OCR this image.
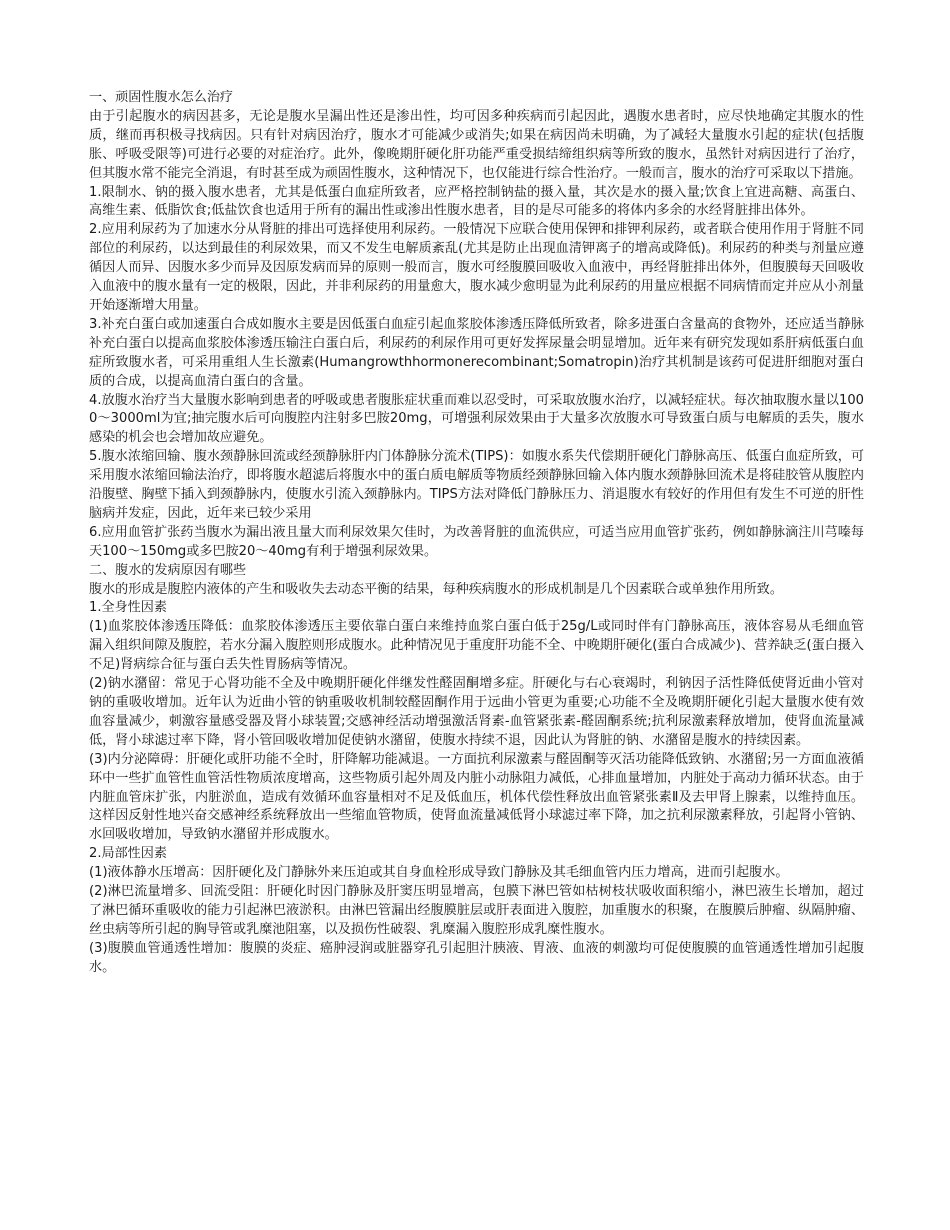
一、顽固性腹水怎么治疗

由于引起腹水的病因甚多，无论是腹水呈漏出性还是渗出性，均可因多种疾病而引起因此，遇腹水患者时，应尽快地确定其腹水的性质，继而再积极寻找病因。只有针对病因治疗，腹水才可能减少或消失;如果在病因尚未明确，为了减轻大量腹水引起的症状(包括腹胀、呼吸受限等)可进行必要的对症治疗。此外，像晚期肝硬化肝功能严重受损结缔组织病等所致的腹水，虽然针对病因进行了治疗，但其腹水常不能完全消退，有时甚至成为顽固性腹水，这种情况下，也仅能进行综合性治疗。一般而言，腹水的治疗可采取以下措施。

1.限制水、钠的摄入腹水患者，尤其是低蛋白血症所致者，应严格控制钠盐的摄入量，其次是水的摄入量;饮食上宜进高糖、高蛋白、高维生素、低脂饮食;低盐饮食也适用于所有的漏出性或渗出性腹水患者，目的是尽可能多的将体内多余的水经肾脏排出体外。

2.应用利尿药为了加速水分从肾脏的排出可选择使用利尿药。一般情况下应联合使用保钾和排钾利尿药，或者联合使用作用于肾脏不同部位的利尿药，以达到最佳的利尿效果，而又不发生电解质紊乱(尤其是防止出现血清钾离子的增高或降低)。利尿药的种类与剂量应遵循因人而异、因腹水多少而异及因原发病而异的原则一般而言，腹水可经腹膜回吸收入血液中，再经肾脏排出体外，但腹膜每天回吸收入血液中的腹水量有一定的极限，因此，并非利尿药的用量愈大，腹水减少愈明显为此利尿药的用量应根据不同病情而定并应从小剂量开始逐渐增大用量。

3.补充白蛋白或加速蛋白合成如腹水主要是因低蛋白血症引起血浆胶体渗透压降低所致者，除多进蛋白含量高的食物外，还应适当静脉补充白蛋白以提高血浆胶体渗透压输注白蛋白后，利尿药的利尿作用可更好发挥尿量会明显增加。近年来有研究发现如系肝病低蛋白血症所致腹水者，可采用重组人生长激素(Humangrowthhormonerecombinant;Somatropin)治疗其机制是该药可促进肝细胞对蛋白质的合成，以提高血清白蛋白的含量。

4.放腹水治疗当大量腹水影响到患者的呼吸或患者腹胀症状重而难以忍受时，可采取放腹水治疗，以减轻症状。每次抽取腹水量以1000～3000ml为宜;抽完腹水后可向腹腔内注射多巴胺20mg，可增强利尿效果由于大量多次放腹水可导致蛋白质与电解质的丢失，腹水感染的机会也会增加故应避免。

5.腹水浓缩回输、腹水颈静脉回流或经颈静脉肝内门体静脉分流术(TIPS)：如腹水系失代偿期肝硬化门静脉高压、低蛋白血症所致，可采用腹水浓缩回输法治疗，即将腹水超滤后将腹水中的蛋白质电解质等物质经颈静脉回输入体内腹水颈静脉回流术是将硅胶管从腹腔内沿腹壁、胸壁下插入到颈静脉内，使腹水引流入颈静脉内。TIPS方法对降低门静脉压力、消退腹水有较好的作用但有发生不可逆的肝性脑病并发症，因此，近年来已较少采用

6.应用血管扩张药当腹水为漏出液且量大而利尿效果欠佳时，为改善肾脏的血流供应，可适当应用血管扩张药，例如静脉滴注川芎嗪每天100～150mg或多巴胺20～40mg有利于增强利尿效果。

二、腹水的发病原因有哪些

腹水的形成是腹腔内液体的产生和吸收失去动态平衡的结果，每种疾病腹水的形成机制是几个因素联合或单独作用所致。

1.全身性因素

(1)血浆胶体渗透压降低：血浆胶体渗透压主要依靠白蛋白来维持血浆白蛋白低于25g/L或同时伴有门静脉高压，液体容易从毛细血管漏入组织间隙及腹腔，若水分漏入腹腔则形成腹水。此种情况见于重度肝功能不全、中晚期肝硬化(蛋白合成减少)、营养缺乏(蛋白摄入不足)肾病综合征与蛋白丢失性胃肠病等情况。

(2)钠水潴留：常见于心肾功能不全及中晚期肝硬化伴继发性醛固酮增多症。肝硬化与右心衰竭时，利钠因子活性降低使肾近曲小管对钠的重吸收增加。近年认为近曲小管的钠重吸收机制较醛固酮作用于远曲小管更为重要;心功能不全及晚期肝硬化引起大量腹水使有效血容量减少，刺激容量感受器及肾小球装置;交感神经活动增强激活肾素-血管紧张素-醛固酮系统;抗利尿激素释放增加，使肾血流量减低，肾小球滤过率下降，肾小管回吸收增加促使钠水潴留，使腹水持续不退，因此认为肾脏的钠、水潴留是腹水的持续因素。

(3)内分泌障碍：肝硬化或肝功能不全时，肝降解功能减退。一方面抗利尿激素与醛固酮等灭活功能降低致钠、水潴留;另一方面血液循环中一些扩血管性血管活性物质浓度增高，这些物质引起外周及内脏小动脉阻力减低，心排血量增加，内脏处于高动力循环状态。由于内脏血管床扩张，内脏淤血，造成有效循环血容量相对不足及低血压，机体代偿性释放出血管紧张素Ⅱ及去甲肾上腺素，以维持血压。这样因反射性地兴奋交感神经系统释放出一些缩血管物质，使肾血流量减低肾小球滤过率下降，加之抗利尿激素释放，引起肾小管钠、水回吸收增加，导致钠水潴留并形成腹水。

2.局部性因素

(1)液体静水压增高：因肝硬化及门静脉外来压迫或其自身血栓形成导致门静脉及其毛细血管内压力增高，进而引起腹水。

(2)淋巴流量增多、回流受阻：肝硬化时因门静脉及肝窦压明显增高，包膜下淋巴管如枯树枝状吸收面积缩小，淋巴液生长增加，超过了淋巴循环重吸收的能力引起淋巴液淤积。由淋巴管漏出经腹膜脏层或肝表面进入腹腔，加重腹水的积聚，在腹膜后肿瘤、纵隔肿瘤、丝虫病等所引起的胸导管或乳糜池阻塞，以及损伤性破裂、乳糜漏入腹腔形成乳糜性腹水。

(3)腹膜血管通透性增加：腹膜的炎症、癌肿浸润或脏器穿孔引起胆汁胰液、胃液、血液的刺激均可促使腹膜的血管通透性增加引起腹水。
